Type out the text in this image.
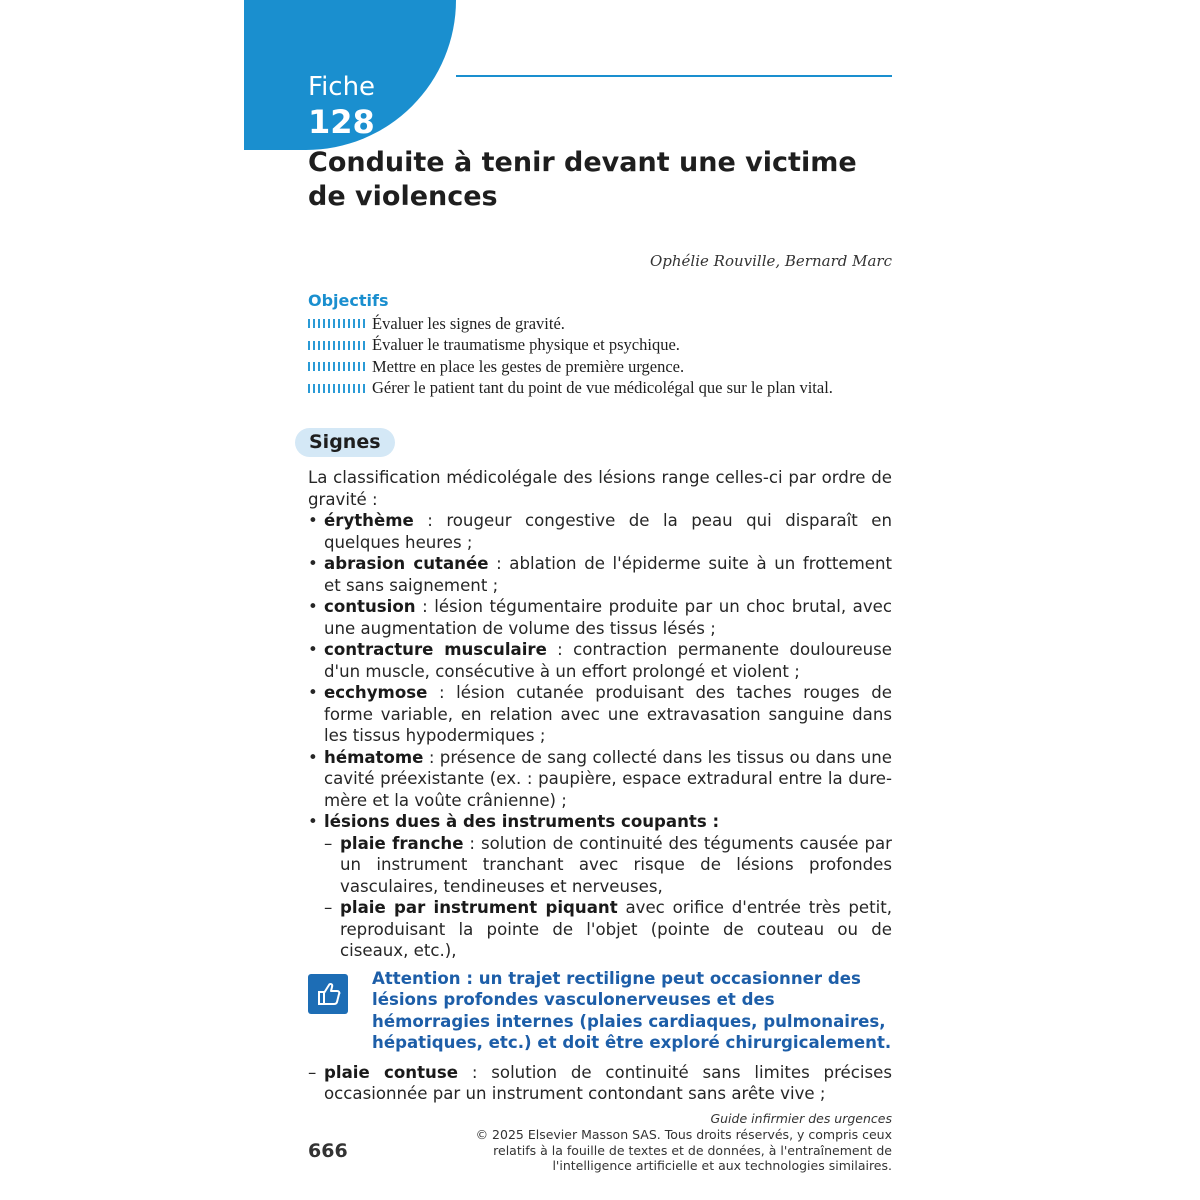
Fiche
128
Conduite à tenir devant une victime de violences
Ophélie Rouville, Bernard Marc
Objectifs
Évaluer les signes de gravité.
Évaluer le traumatisme physique et psychique.
Mettre en place les gestes de première urgence.
Gérer le patient tant du point de vue médicolégal que sur le plan vital.
Signes

La classification médicolégale des lésions range celles-ci par ordre de gravité :

• érythème : rougeur congestive de la peau qui disparaît en quelques heures ;
• abrasion cutanée : ablation de l'épiderme suite à un frottement et sans saignement ;
• contusion : lésion tégumentaire produite par un choc brutal, avec une augmentation de volume des tissus lésés ;
• contracture musculaire : contraction permanente douloureuse d'un muscle, consécutive à un effort prolongé et violent ;
• ecchymose : lésion cutanée produisant des taches rouges de forme variable, en relation avec une extravasation sanguine dans les tissus hypodermiques ;
• hématome : présence de sang collecté dans les tissus ou dans une cavité préexistante (ex. : paupière, espace extradural entre la dure-mère et la voûte crânienne) ;
• lésions dues à des instruments coupants :
– plaie franche : solution de continuité des téguments causée par un instrument tranchant avec risque de lésions profondes vasculaires, tendineuses et nerveuses,
– plaie par instrument piquant avec orifice d'entrée très petit, reproduisant la pointe de l'objet (pointe de couteau ou de ciseaux, etc.),
Attention : un trajet rectiligne peut occasionner des lésions profondes vasculonerveuses et des hémorragies internes (plaies cardiaques, pulmonaires, hépatiques, etc.) et doit être exploré chirurgicalement.
– plaie contuse : solution de continuité sans limites précises occasionnée par un instrument contondant sans arête vive ;
Guide infirmier des urgences
© 2025 Elsevier Masson SAS. Tous droits réservés, y compris ceux relatifs à la fouille de textes et de données, à l'entraînement de l'intelligence artificielle et aux technologies similaires.
666
